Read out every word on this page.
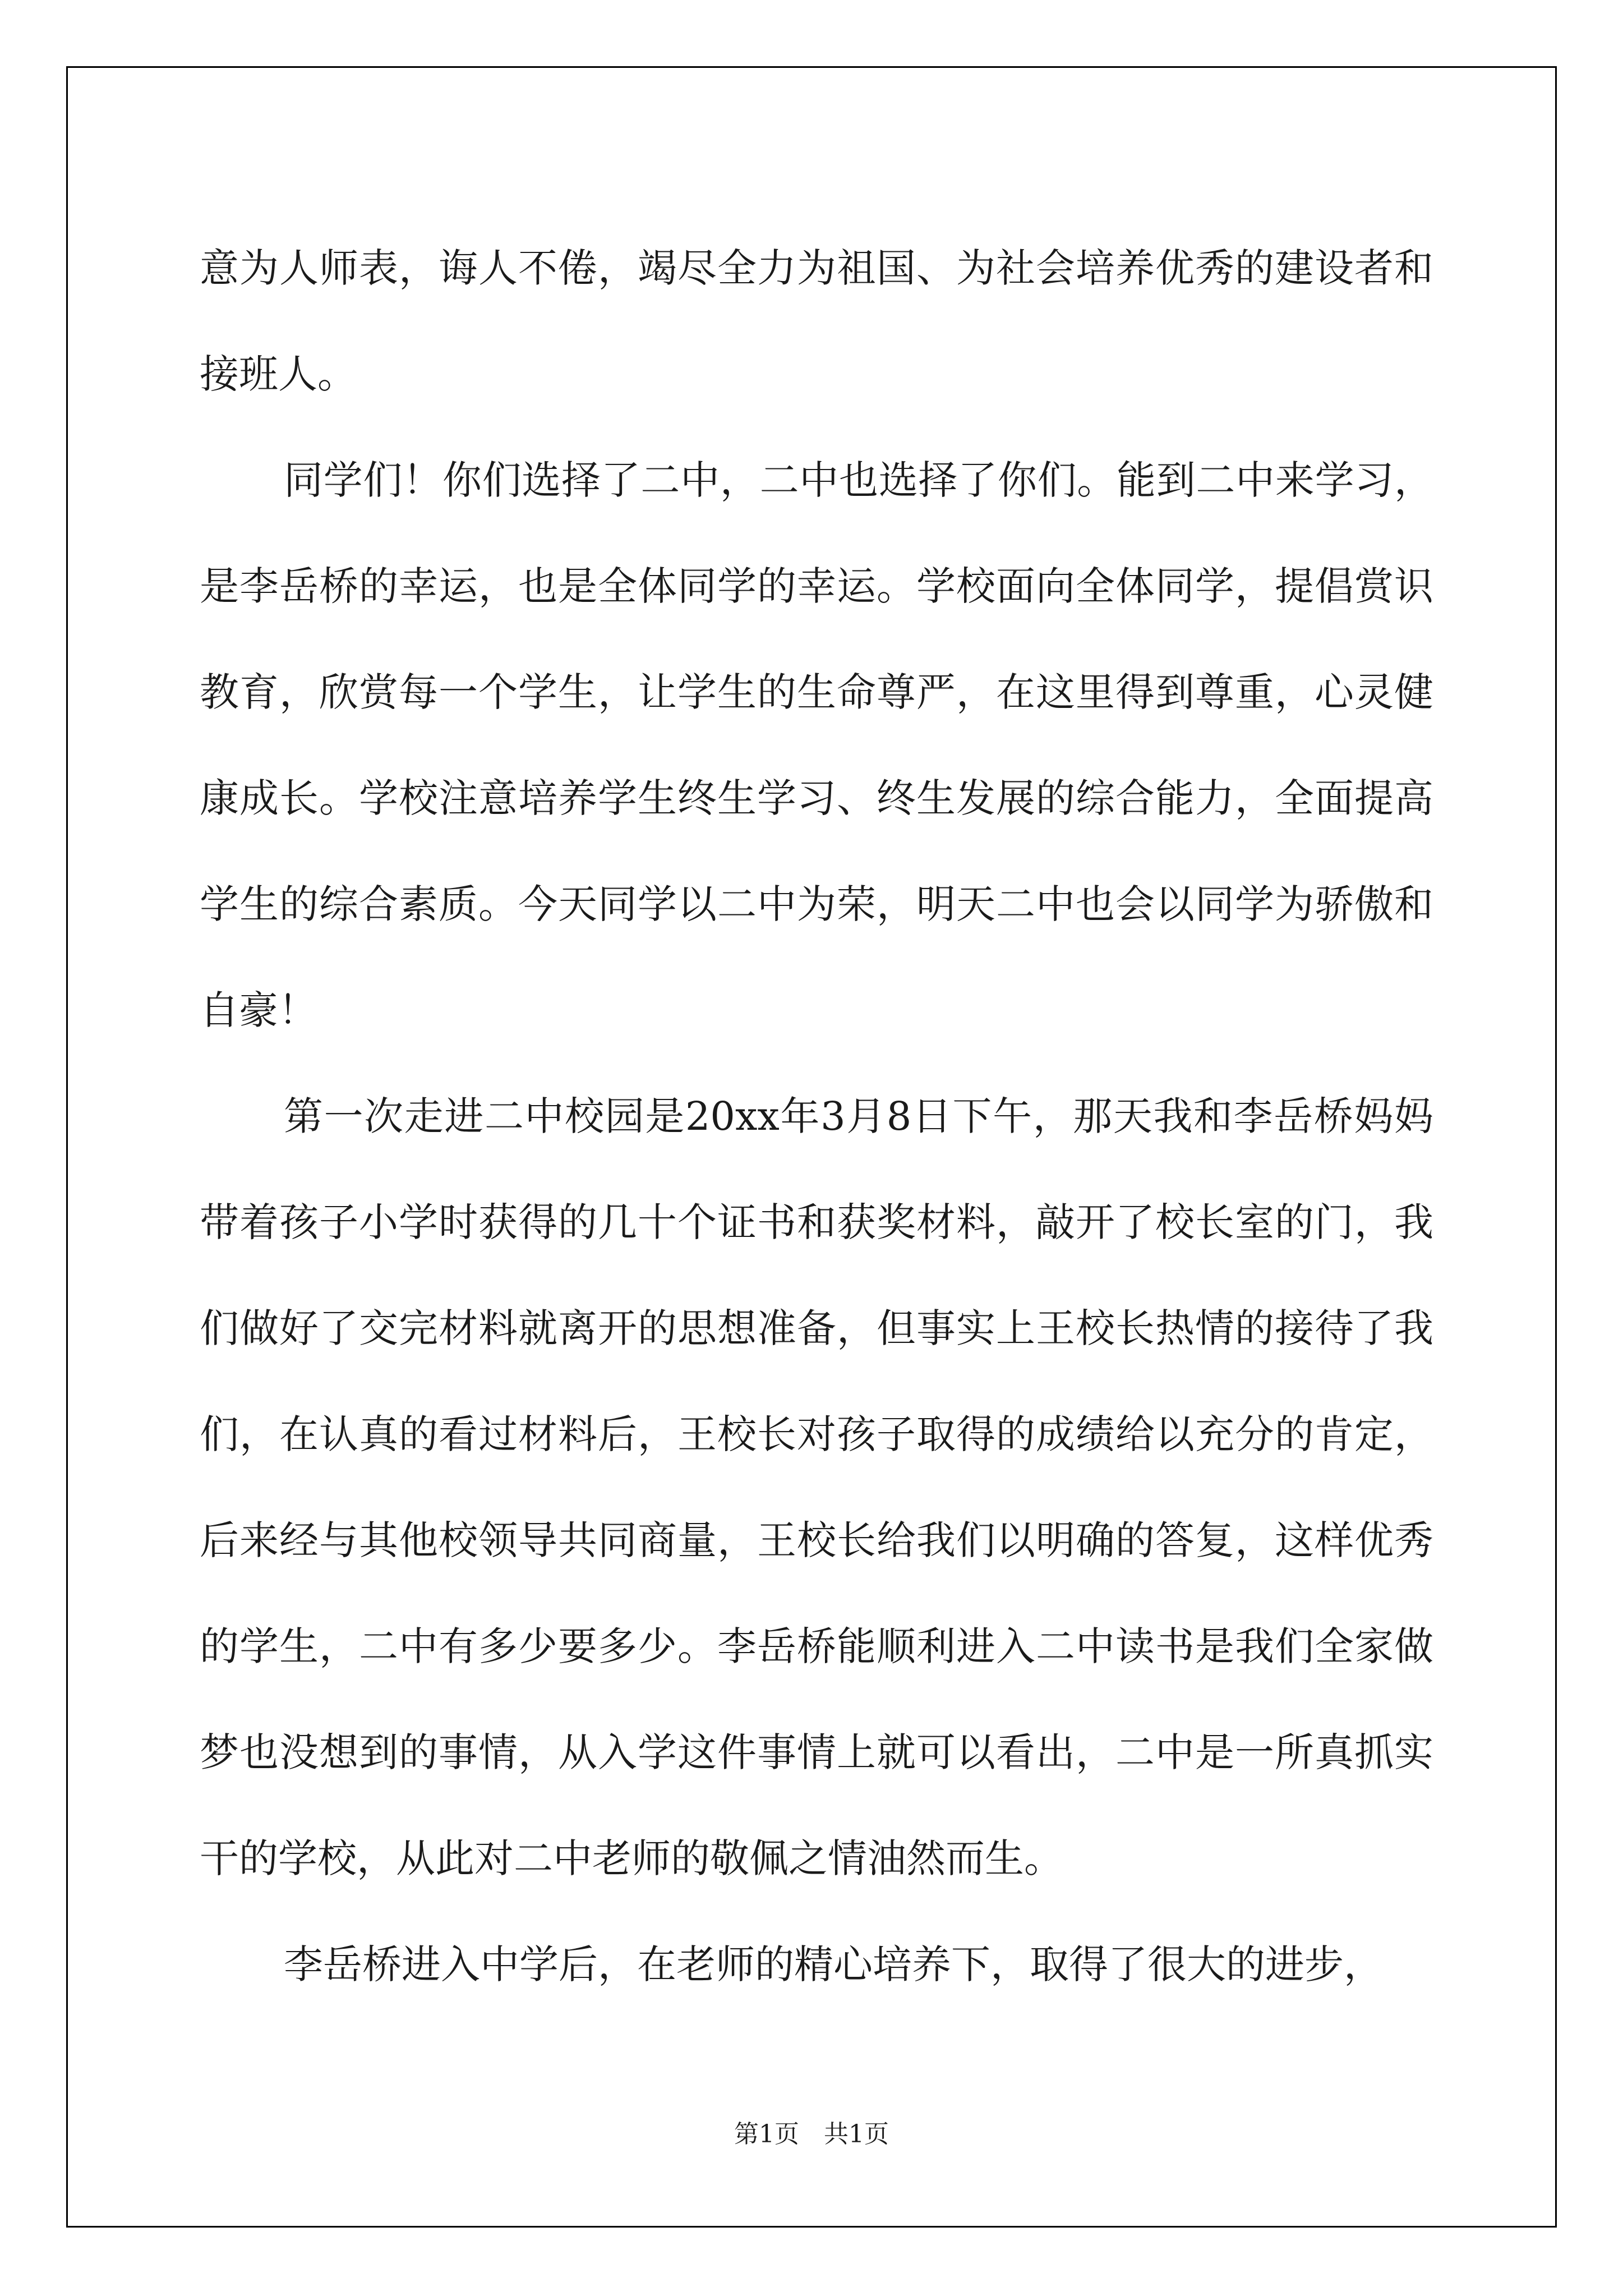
意为人师表，诲人不倦，竭尽全力为祖国、为社会培养优秀的建设者和接班人。

同学们！你们选择了二中，二中也选择了你们。能到二中来学习，是李岳桥的幸运，也是全体同学的幸运。学校面向全体同学，提倡赏识教育，欣赏每一个学生，让学生的生命尊严，在这里得到尊重，心灵健康成长。学校注意培养学生终生学习、终生发展的综合能力，全面提高学生的综合素质。今天同学以二中为荣，明天二中也会以同学为骄傲和自豪！

第一次走进二中校园是20xx年3月8日下午，那天我和李岳桥妈妈带着孩子小学时获得的几十个证书和获奖材料，敲开了校长室的门，我们做好了交完材料就离开的思想准备，但事实上王校长热情的接待了我们，在认真的看过材料后，王校长对孩子取得的成绩给以充分的肯定，后来经与其他校领导共同商量，王校长给我们以明确的答复，这样优秀的学生，二中有多少要多少。李岳桥能顺利进入二中读书是我们全家做梦也没想到的事情，从入学这件事情上就可以看出，二中是一所真抓实干的学校，从此对二中老师的敬佩之情油然而生。

李岳桥进入中学后，在老师的精心培养下，取得了很大的进步，

第1页　共1页
